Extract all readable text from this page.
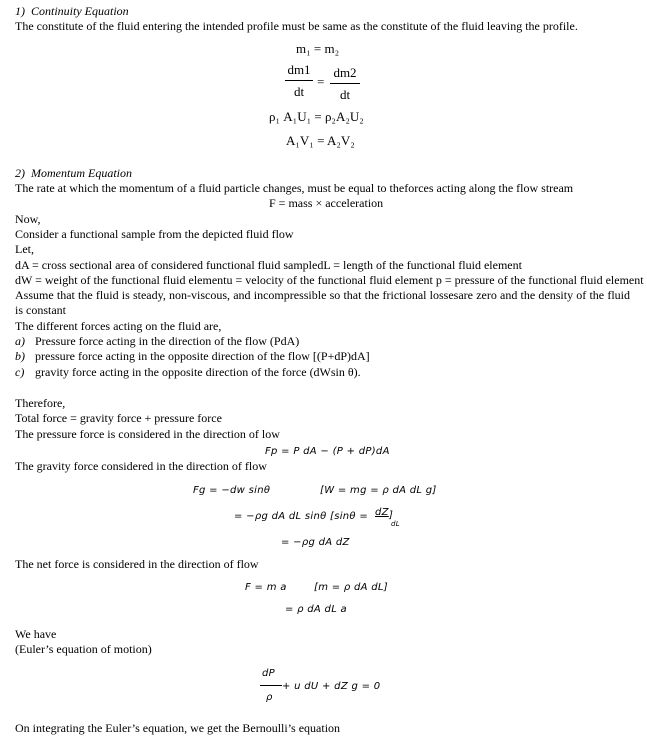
1)  Continuity Equation
The constitute of the fluid entering the intended profile must be same as the constitute of the fluid leaving the profile.
m₁ = m₂
dm1
dt
=
dm2
dt
ρ₁ A₁U₁ = ρ₂A₂U₂
A₁V₁ = A₂V₂
2)  Momentum Equation
The rate at which the momentum of a fluid particle changes, must be equal to theforces acting along the flow stream
F = mass × acceleration
Now,
Consider a functional sample from the depicted fluid flow
Let,
dA = cross sectional area of considered functional fluid sampledL = length of the functional fluid element
dW = weight of the functional fluid elementu = velocity of the functional fluid element p = pressure of the functional fluid element
Assume that the fluid is steady, non-viscous, and incompressible so that the frictional lossesare zero and the density of the fluid is constant
The different forces acting on the fluid are,
a) Pressure force acting in the direction of the flow (PdA)
b) pressure force acting in the opposite direction of the flow [(P+dP)dA]
c) gravity force acting in the opposite direction of the force (dWsin θ).
Therefore,
Total force = gravity force + pressure force
The pressure force is considered in the direction of low
Fp = P dA − (P + dP)dA
The gravity force considered in the direction of flow
Fg = −dw sinθ	[W = mg = ρ dA dL g]
= −ρg dA dL sinθ [sinθ = dZ ]
dL
= −ρg dA dZ
The net force is considered in the direction of flow
F = m a	[m = ρ dA dL]
= ρ dA dL a
We have
(Euler’s equation of motion)
dP
+ u dU + dZ g = 0
ρ
On integrating the Euler’s equation, we get the Bernoulli’s equation
